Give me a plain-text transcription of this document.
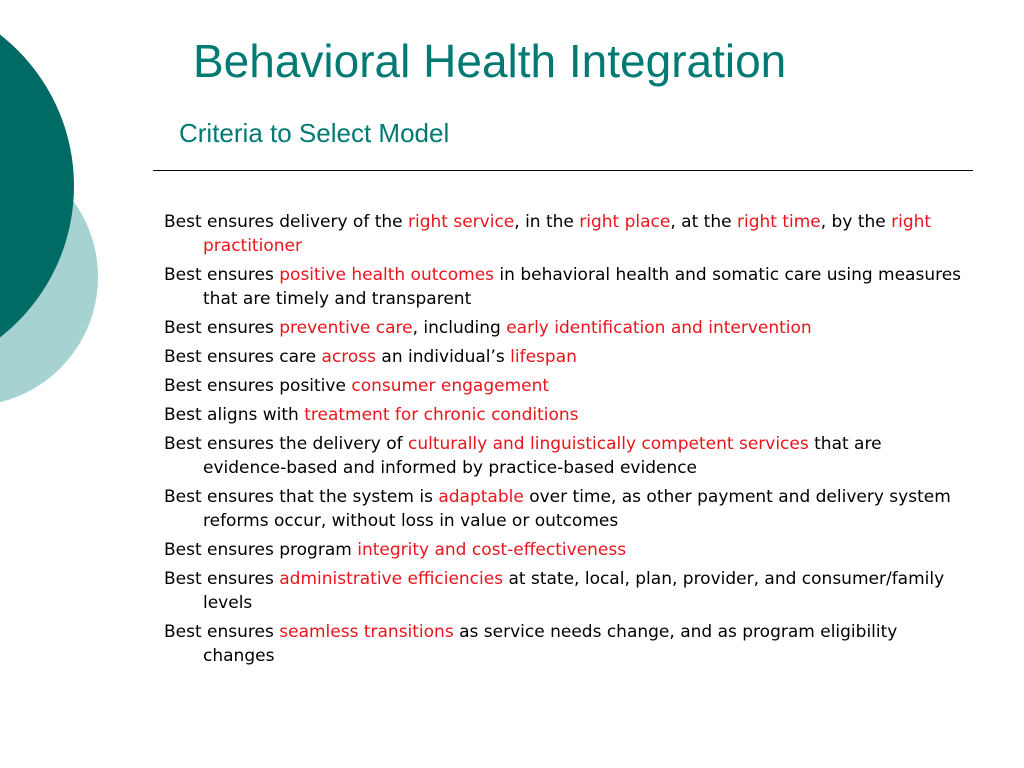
Behavioral Health Integration
Criteria to Select Model
Best ensures delivery of the right service, in the right place, at the right time, by the right practitioner
Best ensures positive health outcomes in behavioral health and somatic care using measures that are timely and transparent
Best ensures preventive care, including early identification and intervention
Best ensures care across an individual’s lifespan
Best ensures positive consumer engagement
Best aligns with treatment for chronic conditions
Best ensures the delivery of culturally and linguistically competent services that are evidence-based and informed by practice-based evidence
Best ensures that the system is adaptable over time, as other payment and delivery system reforms occur, without loss in value or outcomes
Best ensures program integrity and cost-effectiveness
Best ensures administrative efficiencies at state, local, plan, provider, and consumer/family levels
Best ensures seamless transitions as service needs change, and as program eligibility changes
